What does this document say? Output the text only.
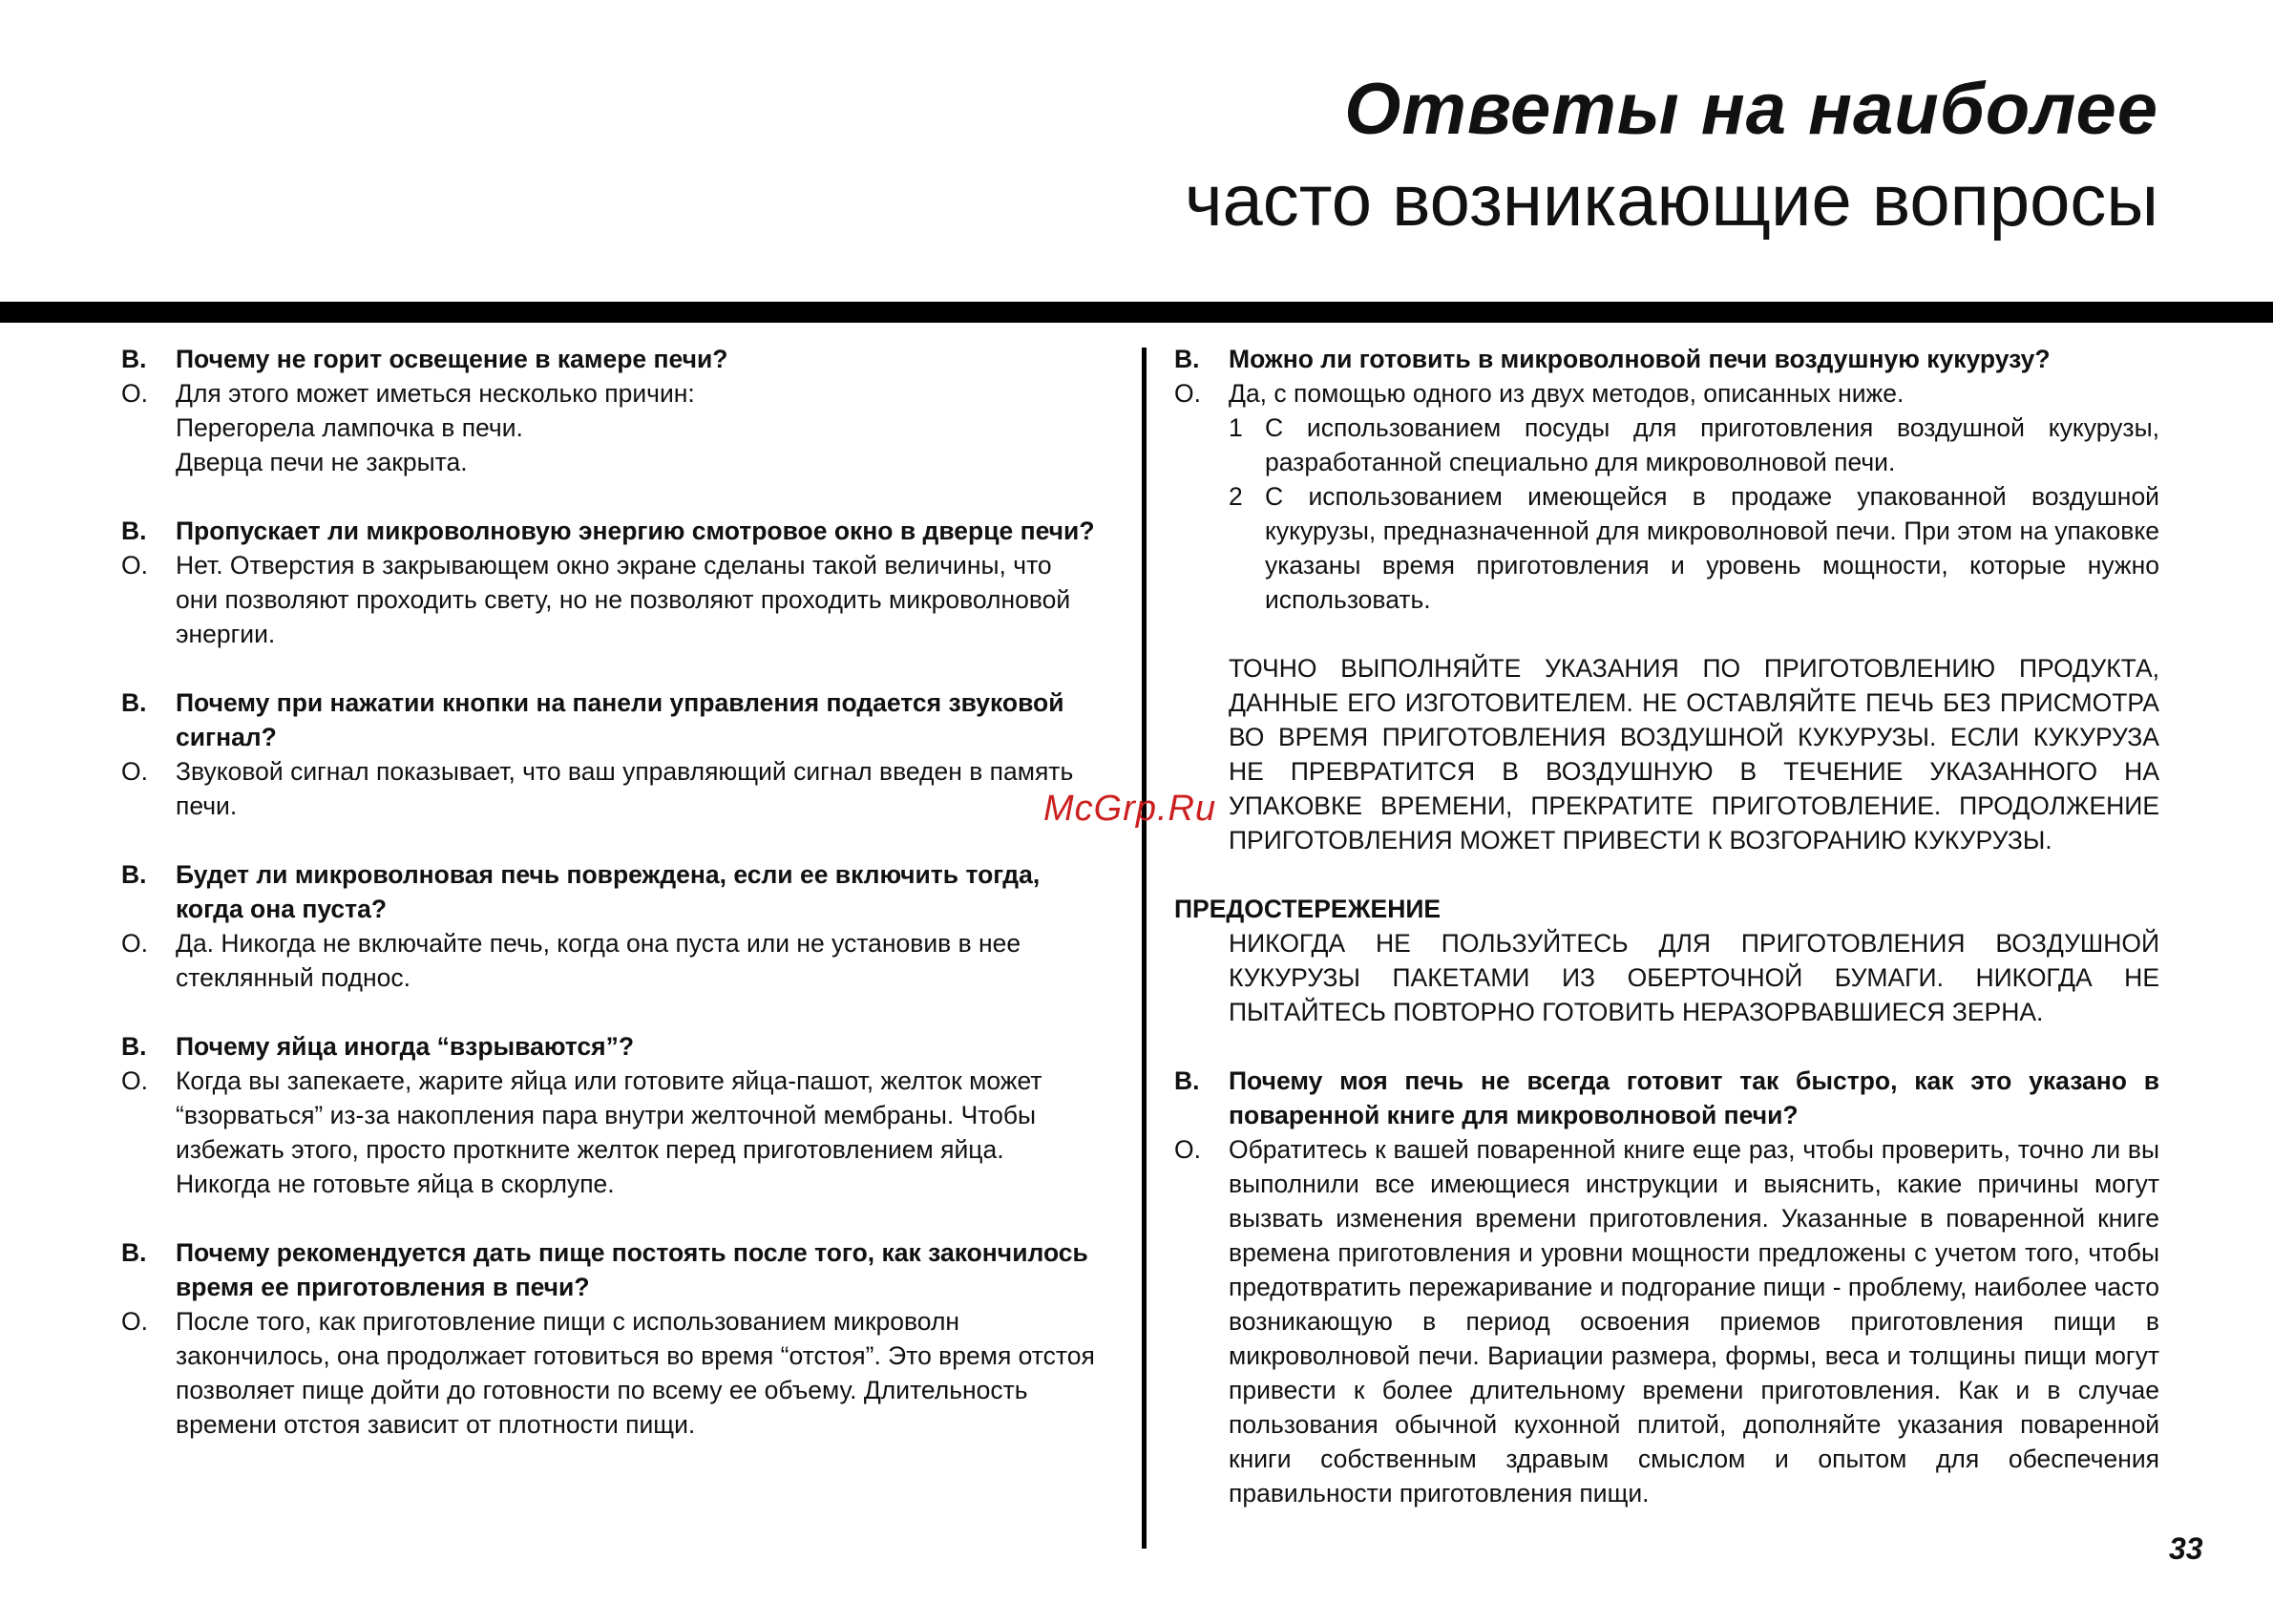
Ответы на наиболее
часто возникающие вопросы
В.	Почему не горит освещение в камере печи?
О.	Для этого может иметься несколько причин:
Перегорела лампочка в печи.
Дверца печи не закрыта.
В.	Пропускает ли микроволновую энергию смотровое окно в дверце печи?
О.	Нет. Отверстия в закрывающем окно экране сделаны такой величины, что они позволяют проходить свету, но не позволяют проходить микроволновой энергии.
В.	Почему при нажатии кнопки на панели управления подается звуковой сигнал?
О.	Звуковой сигнал показывает, что ваш управляющий сигнал введен в память печи.
В.	Будет ли микроволновая печь повреждена, если ее включить тогда, когда она пуста?
О.	Да. Никогда не включайте печь, когда она пуста или не установив в нее стеклянный поднос.
В.	Почему яйца иногда “взрываются”?
О.	Когда вы запекаете, жарите яйца или готовите яйца-пашот, желток может “взорваться” из-за накопления пара внутри желточной мембраны. Чтобы избежать этого, просто проткните желток перед приготовлением яйца. Никогда не готовьте яйца в скорлупе.
В.	Почему рекомендуется дать пище постоять после того, как закончилось время ее приготовления в печи?
О.	После того, как приготовление пищи с использованием микроволн закончилось, она продолжает готовиться во время “отстоя”. Это время отстоя позволяет пище дойти до готовности по всему ее объему. Длительность времени отстоя зависит от плотности пищи.
В.	Можно ли готовить в микроволновой печи воздушную кукурузу?
О.	Да, с помощью одного из двух методов, описанных ниже.
1 С использованием посуды для приготовления воздушной кукурузы, разработанной специально для микроволновой печи.
2 С использованием имеющейся в продаже упакованной воздушной кукурузы, предназначенной для микроволновой печи. При этом на упаковке указаны время приготовления и уровень мощности, которые нужно использовать.
ТОЧНО ВЫПОЛНЯЙТЕ УКАЗАНИЯ ПО ПРИГОТОВЛЕНИЮ ПРОДУКТА, ДАННЫЕ ЕГО ИЗГОТОВИТЕЛЕМ. НЕ ОСТАВЛЯЙТЕ ПЕЧЬ БЕЗ ПРИСМОТРА ВО ВРЕМЯ ПРИГОТОВЛЕНИЯ ВОЗДУШНОЙ КУКУРУЗЫ. ЕСЛИ КУКУРУЗА НЕ ПРЕВРАТИТСЯ В ВОЗДУШНУЮ В ТЕЧЕНИЕ УКАЗАННОГО НА УПАКОВКЕ ВРЕМЕНИ, ПРЕКРАТИТЕ ПРИГОТОВЛЕНИЕ. ПРОДОЛЖЕНИЕ ПРИГОТОВЛЕНИЯ МОЖЕТ ПРИВЕСТИ К ВОЗГОРАНИЮ КУКУРУЗЫ.
ПРЕДОСТЕРЕЖЕНИЕ
НИКОГДА НЕ ПОЛЬЗУЙТЕСЬ ДЛЯ ПРИГОТОВЛЕНИЯ ВОЗДУШНОЙ КУКУРУЗЫ ПАКЕТАМИ ИЗ ОБЕРТОЧНОЙ БУМАГИ. НИКОГДА НЕ ПЫТАЙТЕСЬ ПОВТОРНО ГОТОВИТЬ НЕРАЗОРВАВШИЕСЯ ЗЕРНА.
В.	Почему моя печь не всегда готовит так быстро, как это указано в поваренной книге для микроволновой печи?
О.	Обратитесь к вашей поваренной книге еще раз, чтобы проверить, точно ли вы выполнили все имеющиеся инструкции и выяснить, какие причины могут вызвать изменения времени приготовления. Указанные в поваренной книге времена приготовления и уровни мощности предложены с учетом того, чтобы предотвратить пережаривание и подгорание пищи - проблему, наиболее часто возникающую в период освоения приемов приготовления пищи в микроволновой печи. Вариации размера, формы, веса и толщины пищи могут привести к более длительному времени приготовления. Как и в случае пользования обычной кухонной плитой, дополняйте указания поваренной книги собственным здравым смыслом и опытом для обеспечения правильности приготовления пищи.
McGrp.Ru
33
